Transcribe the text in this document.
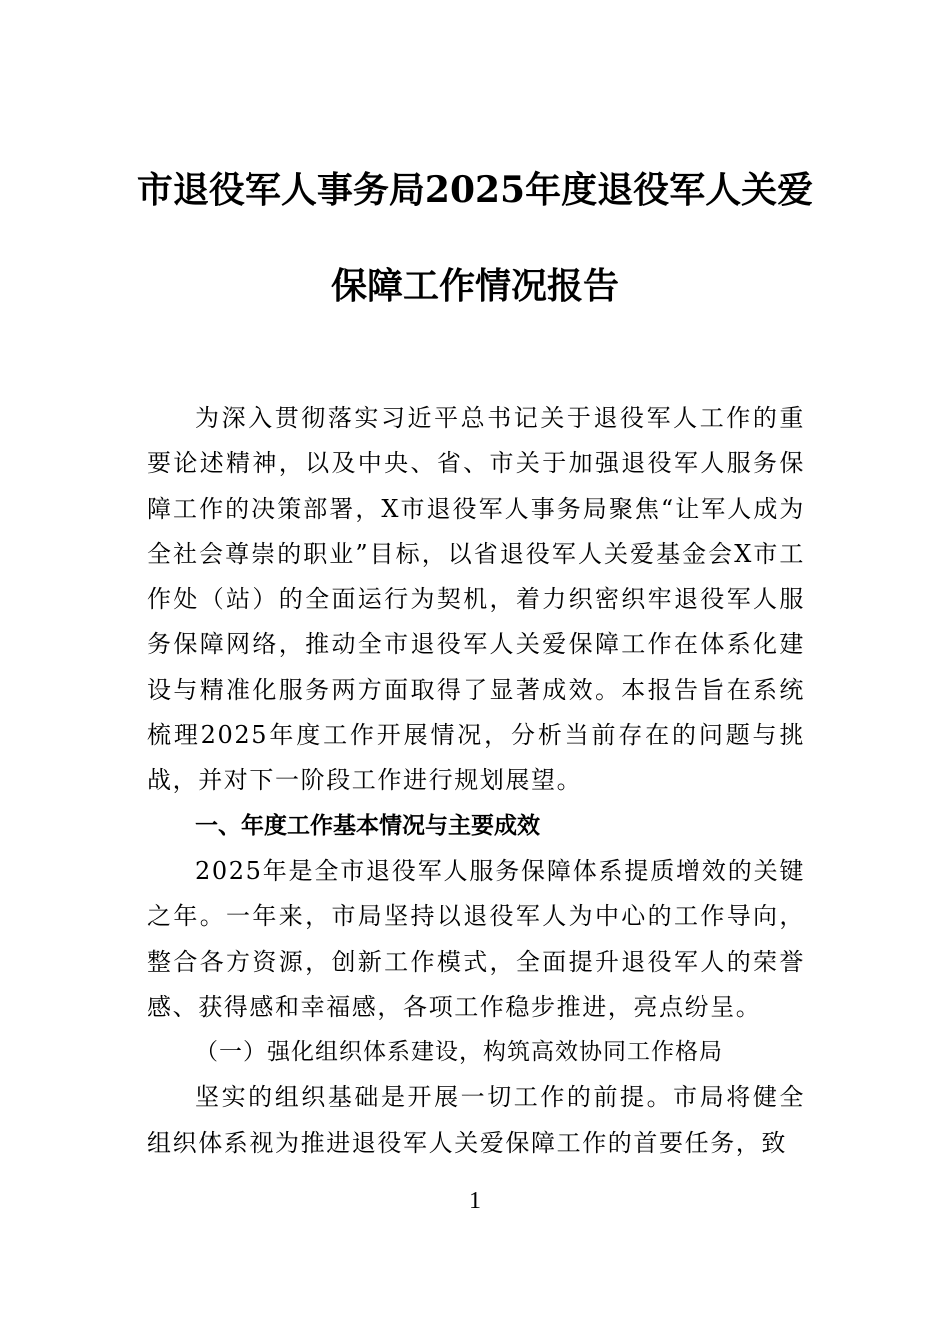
市退役军人事务局2025年度退役军人关爱
保障工作情况报告

为深入贯彻落实习近平总书记关于退役军人工作的重要论述精神，以及中央、省、市关于加强退役军人服务保障工作的决策部署，X市退役军人事务局聚焦“让军人成为全社会尊崇的职业”目标，以省退役军人关爱基金会X市工作处（站）的全面运行为契机，着力织密织牢退役军人服务保障网络，推动全市退役军人关爱保障工作在体系化建设与精准化服务两方面取得了显著成效。本报告旨在系统梳理2025年度工作开展情况，分析当前存在的问题与挑战，并对下一阶段工作进行规划展望。

一、年度工作基本情况与主要成效

2025年是全市退役军人服务保障体系提质增效的关键之年。一年来，市局坚持以退役军人为中心的工作导向，整合各方资源，创新工作模式，全面提升退役军人的荣誉感、获得感和幸福感，各项工作稳步推进，亮点纷呈。

（一）强化组织体系建设，构筑高效协同工作格局

坚实的组织基础是开展一切工作的前提。市局将健全组织体系视为推进退役军人关爱保障工作的首要任务，致

1
